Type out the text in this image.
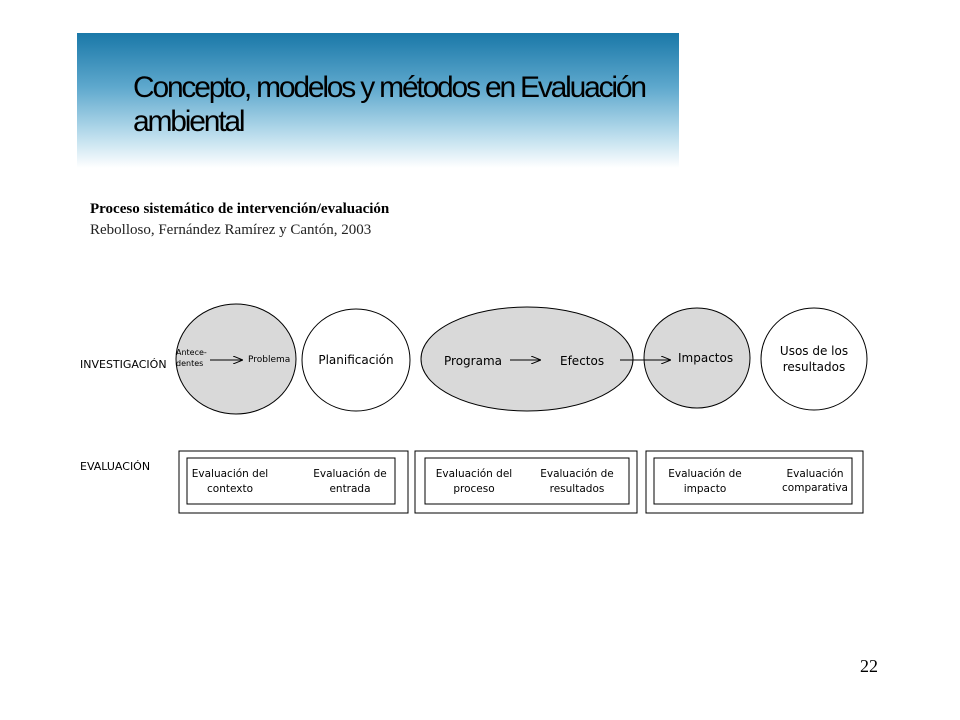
Concepto, modelos y métodos en Evaluación ambiental
Proceso sistemático de intervención/evaluación
Rebolloso, Fernández Ramírez y Cantón, 2003
INVESTIGACIÓN
EVALUACIÓN
Antece-
dentes	Problema Planificación	Programa	Efectos	Impactos	Usos de los
resultados
Evaluación del
contexto
Evaluación de
entrada
Evaluación del
proceso
Evaluación de
resultados
Evaluación de
impacto
Evaluación
comparativa
22
